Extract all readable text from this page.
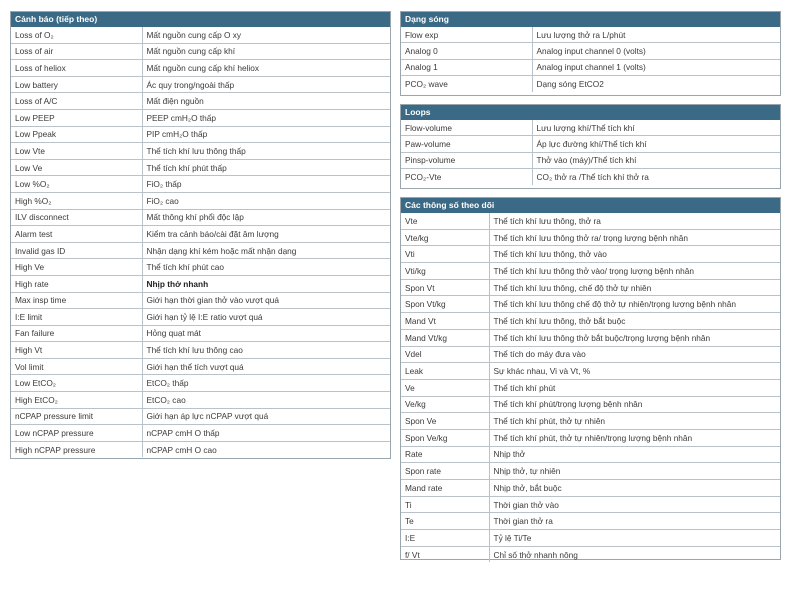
Cảnh báo (tiếp theo)
Loss of O₂	Mất nguồn cung cấp O xy
Loss of air	Mất nguồn cung cấp khí
Loss of heliox	Mất nguồn cung cấp khí heliox
Low battery	Ác quy trong/ngoài thấp
Loss of A/C	Mất điện nguồn
Low PEEP	PEEP cmH₂O thấp
Low Ppeak	PIP cmH₂O thấp
Low Vte	Thể tích khí lưu thông thấp
Low Ve	Thể tích khí phút thấp
Low %O₂	FiO₂ thấp
High %O₂	FiO₂ cao
ILV disconnect	Mất thông khí phổi độc lập
Alarm test	Kiểm tra cảnh báo/cài đặt âm lượng
Invalid gas ID	Nhận dạng khí kém hoặc mất nhận dạng
High Ve	Thể tích khí phút cao
High rate	Nhịp thở nhanh
Max insp time	Giới hạn thời gian thở vào vượt quá
I:E limit	Giới hạn tỷ lệ I:E ratio vượt quá
Fan failure	Hỏng quạt mát
High Vt	Thể tích khí lưu thông cao
Vol limit	Giới hạn thể tích vượt quá
Low EtCO₂	EtCO₂ thấp
High EtCO₂	EtCO₂ cao
nCPAP pressure limit	Giới hạn áp lực nCPAP vượt quá
Low nCPAP pressure	nCPAP cmH O thấp
High nCPAP pressure	nCPAP cmH O cao
Dạng sóng
Flow exp	Lưu lượng thở ra L/phút
Analog 0	Analog input channel 0 (volts)
Analog 1	Analog input channel 1 (volts)
PCO₂ wave	Dạng sóng EtCO2
Loops
Flow-volume	Lưu lượng khí/Thể tích khí
Paw-volume	Áp lực đường khí/Thể tích khí
Pinsp-volume	Thở vào (máy)/Thể tích khí
PCO₂-Vte	CO₂ thở ra /Thể tích khí thở ra
Các thông số theo dõi
Vte	Thể tích khí lưu thông, thở ra
Vte/kg	Thể tích khí lưu thông thở ra/ trọng lượng bệnh nhân
Vti	Thể tích khí lưu thông, thở vào
Vti/kg	Thể tích khí lưu thông thở vào/ trọng lượng bệnh nhân
Spon Vt	Thể tích khí lưu thông, chế độ thở tự nhiên
Spon Vt/kg	Thể tích khí lưu thông chế độ thở tự nhiên/trọng lượng bệnh nhân
Mand Vt	Thể tích khí lưu thông, thở bắt buộc
Mand Vt/kg	Thể tích khí lưu thông thở bắt buộc/trọng lượng bệnh nhân
Vdel	Thể tích do máy đưa vào
Leak	Sự khác nhau, Vi và Vt, %
Ve	Thể tích khí phút
Ve/kg	Thể tích khí phút/trọng lượng bệnh nhân
Spon Ve	Thể tích khí phút, thở tự nhiên
Spon Ve/kg	Thể tích khí phút, thở tự nhiên/trọng lượng bệnh nhân
Rate	Nhịp thở
Spon rate	Nhịp thở, tự nhiên
Mand rate	Nhịp thở, bắt buộc
Ti	Thời gian thở vào
Te	Thời gian thở ra
I:E	Tỷ lệ Ti/Te
f/ Vt	Chỉ số thở nhanh nông
